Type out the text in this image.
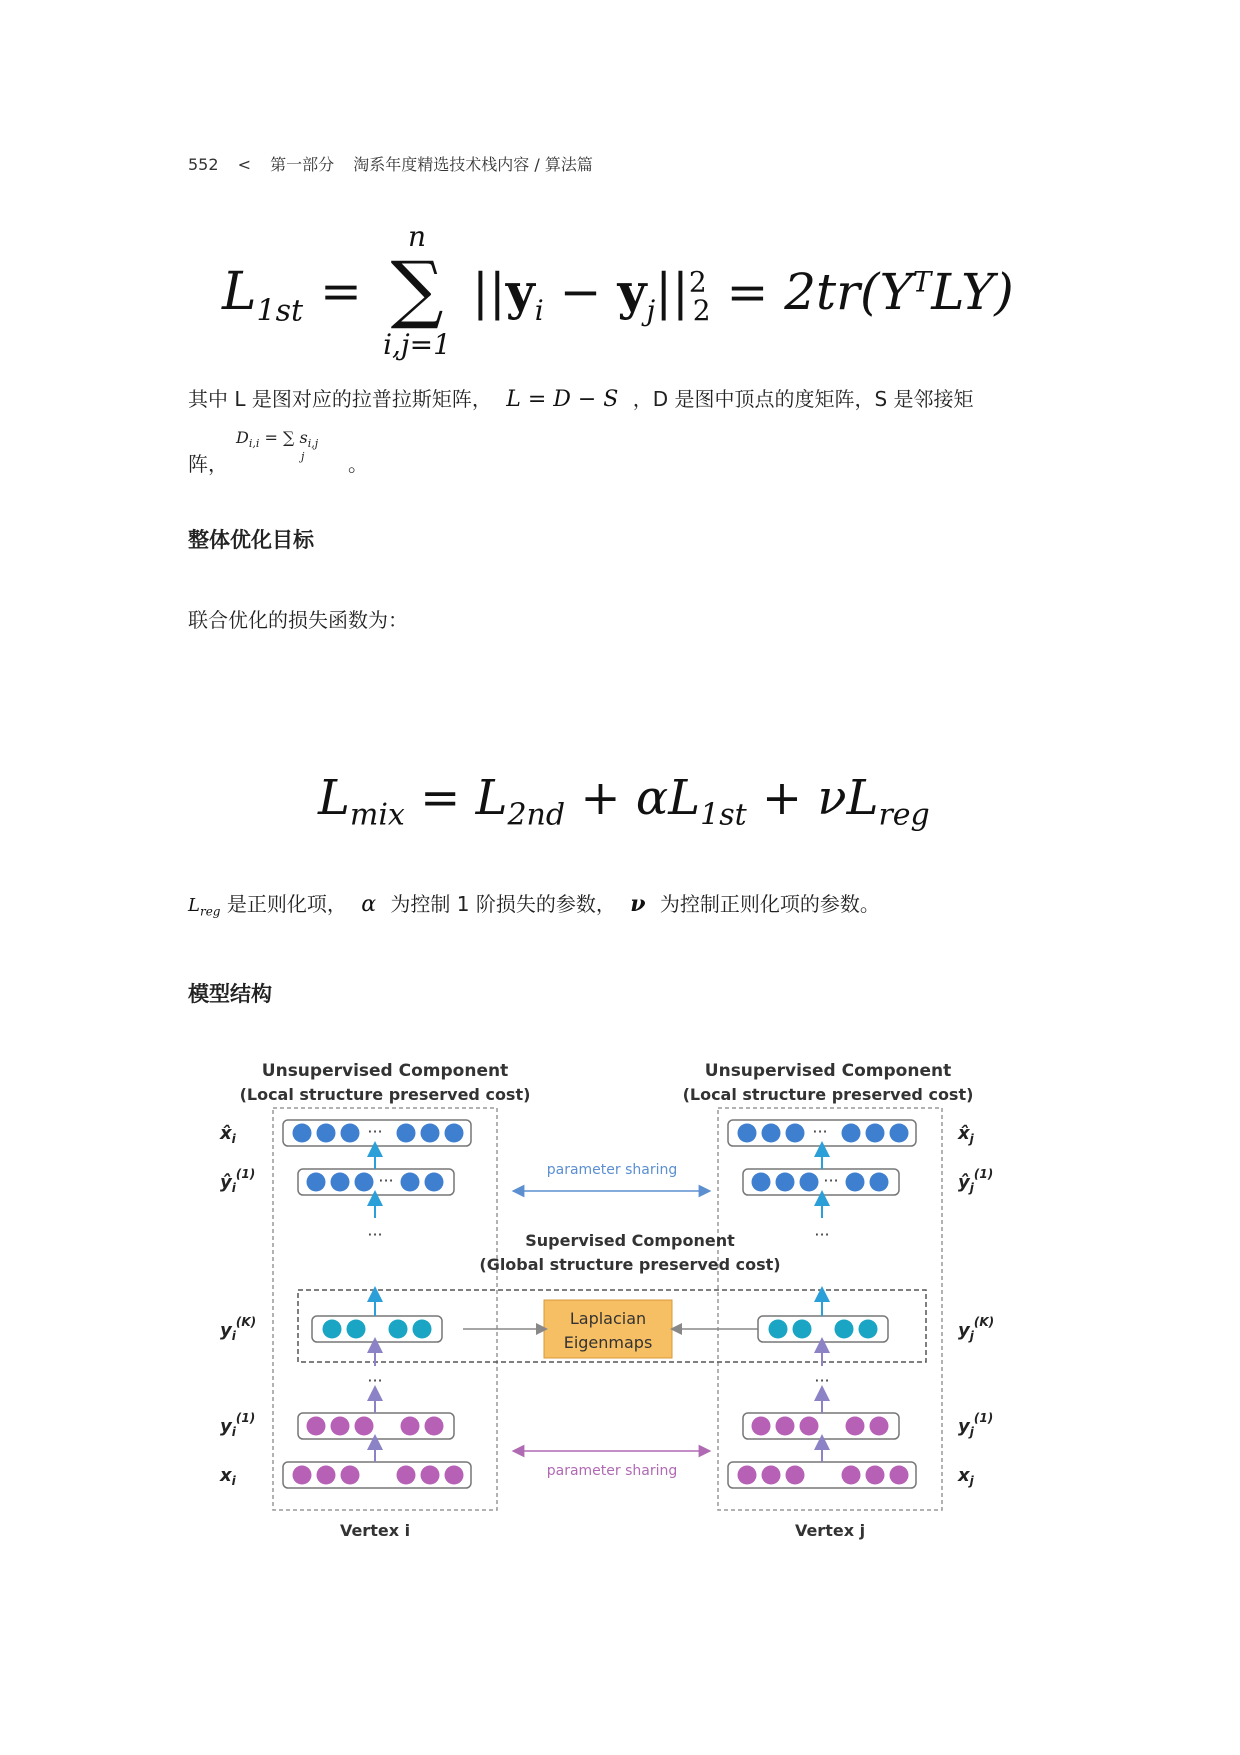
552 < 第一部分 淘系年度精选技术栈内容 / 算法篇
$L_{1st}$ =
n
∑
i,j=1
$||y_i - y_j||^2_2 = 2tr(Y^TLY)$
其中 L 是图对应的拉普拉斯矩阵， L = D − S ，D 是图中顶点的度矩阵，S 是邻接矩
阵，
$D_{i,i}$ = ∑
j
$s_{i,j}$
。
整体优化目标
联合优化的损失函数为：
$L_{mix} = L_{2nd} + \alpha L_{1st} + \nu L_{reg}$
$L_{reg}$ 是正则化项， α 为控制 1 阶损失的参数， ν 为控制正则化项的参数。
模型结构
Unsupervised Component
(Local structure preserved cost)
Unsupervised Component
(Local structure preserved cost)
Supervised Component
(Global structure preserved cost)
parameter sharing
parameter sharing
Laplacian
Eigenmaps
···
···
···
···
···
···
···
···
$x̂_i$
$ŷ_i^{(1)}$
$y_i^{(K)}$
$y_i^{(1)}$
$x_i$
$x̂_j$
$ŷ_j^{(1)}$
$y_j^{(K)}$
$y_j^{(1)}$
$x_j$
Vertex i	Vertex j
